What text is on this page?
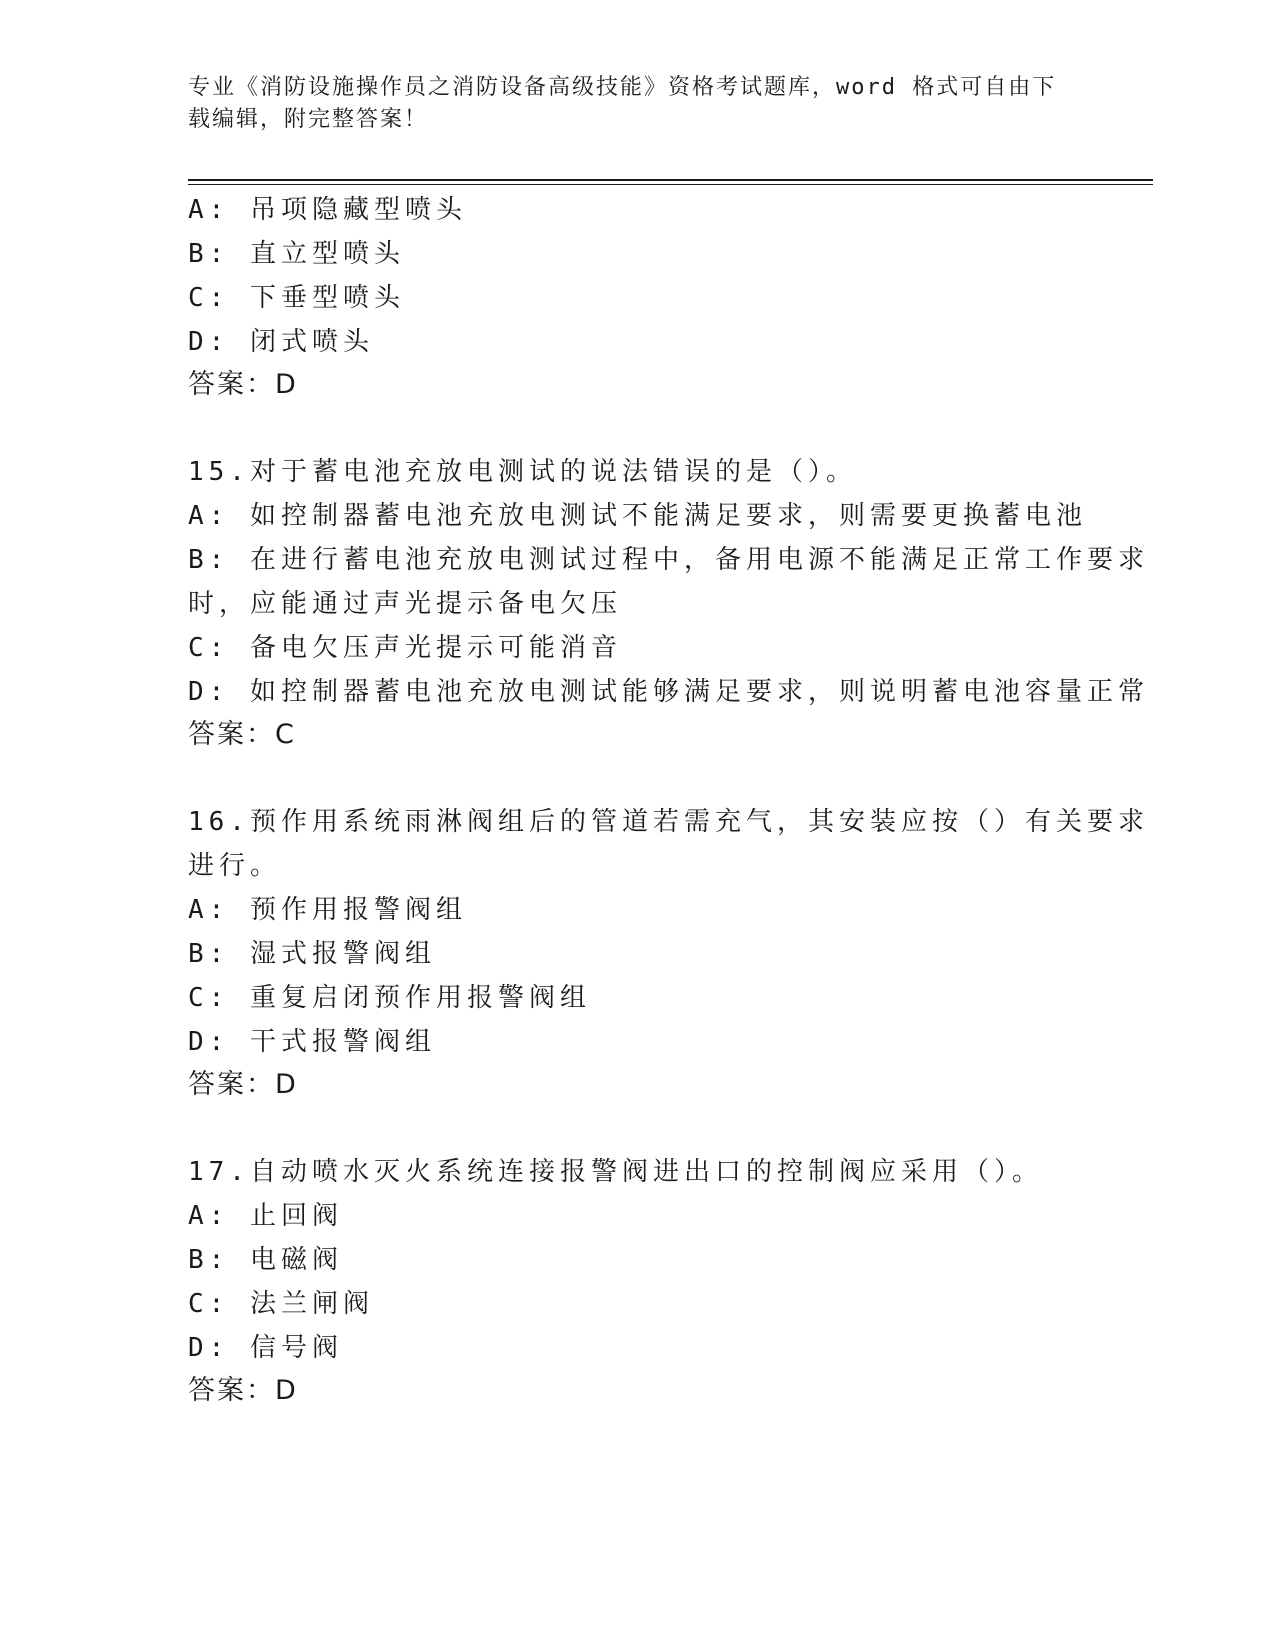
专业《消防设施操作员之消防设备高级技能》资格考试题库，word 格式可自由下
载编辑，附完整答案！
A: 吊项隐藏型喷头
B: 直立型喷头
C: 下垂型喷头
D: 闭式喷头
答案：D
15.对于蓄电池充放电测试的说法错误的是（）。
A: 如控制器蓄电池充放电测试不能满足要求，则需要更换蓄电池
B: 在进行蓄电池充放电测试过程中，备用电源不能满足正常工作要求
时，应能通过声光提示备电欠压
C: 备电欠压声光提示可能消音
D: 如控制器蓄电池充放电测试能够满足要求，则说明蓄电池容量正常
答案：C
16.预作用系统雨淋阀组后的管道若需充气，其安装应按（）有关要求
进行。
A: 预作用报警阀组
B: 湿式报警阀组
C: 重复启闭预作用报警阀组
D: 干式报警阀组
答案：D
17.自动喷水灭火系统连接报警阀进出口的控制阀应采用（）。
A: 止回阀
B: 电磁阀
C: 法兰闸阀
D: 信号阀
答案：D
